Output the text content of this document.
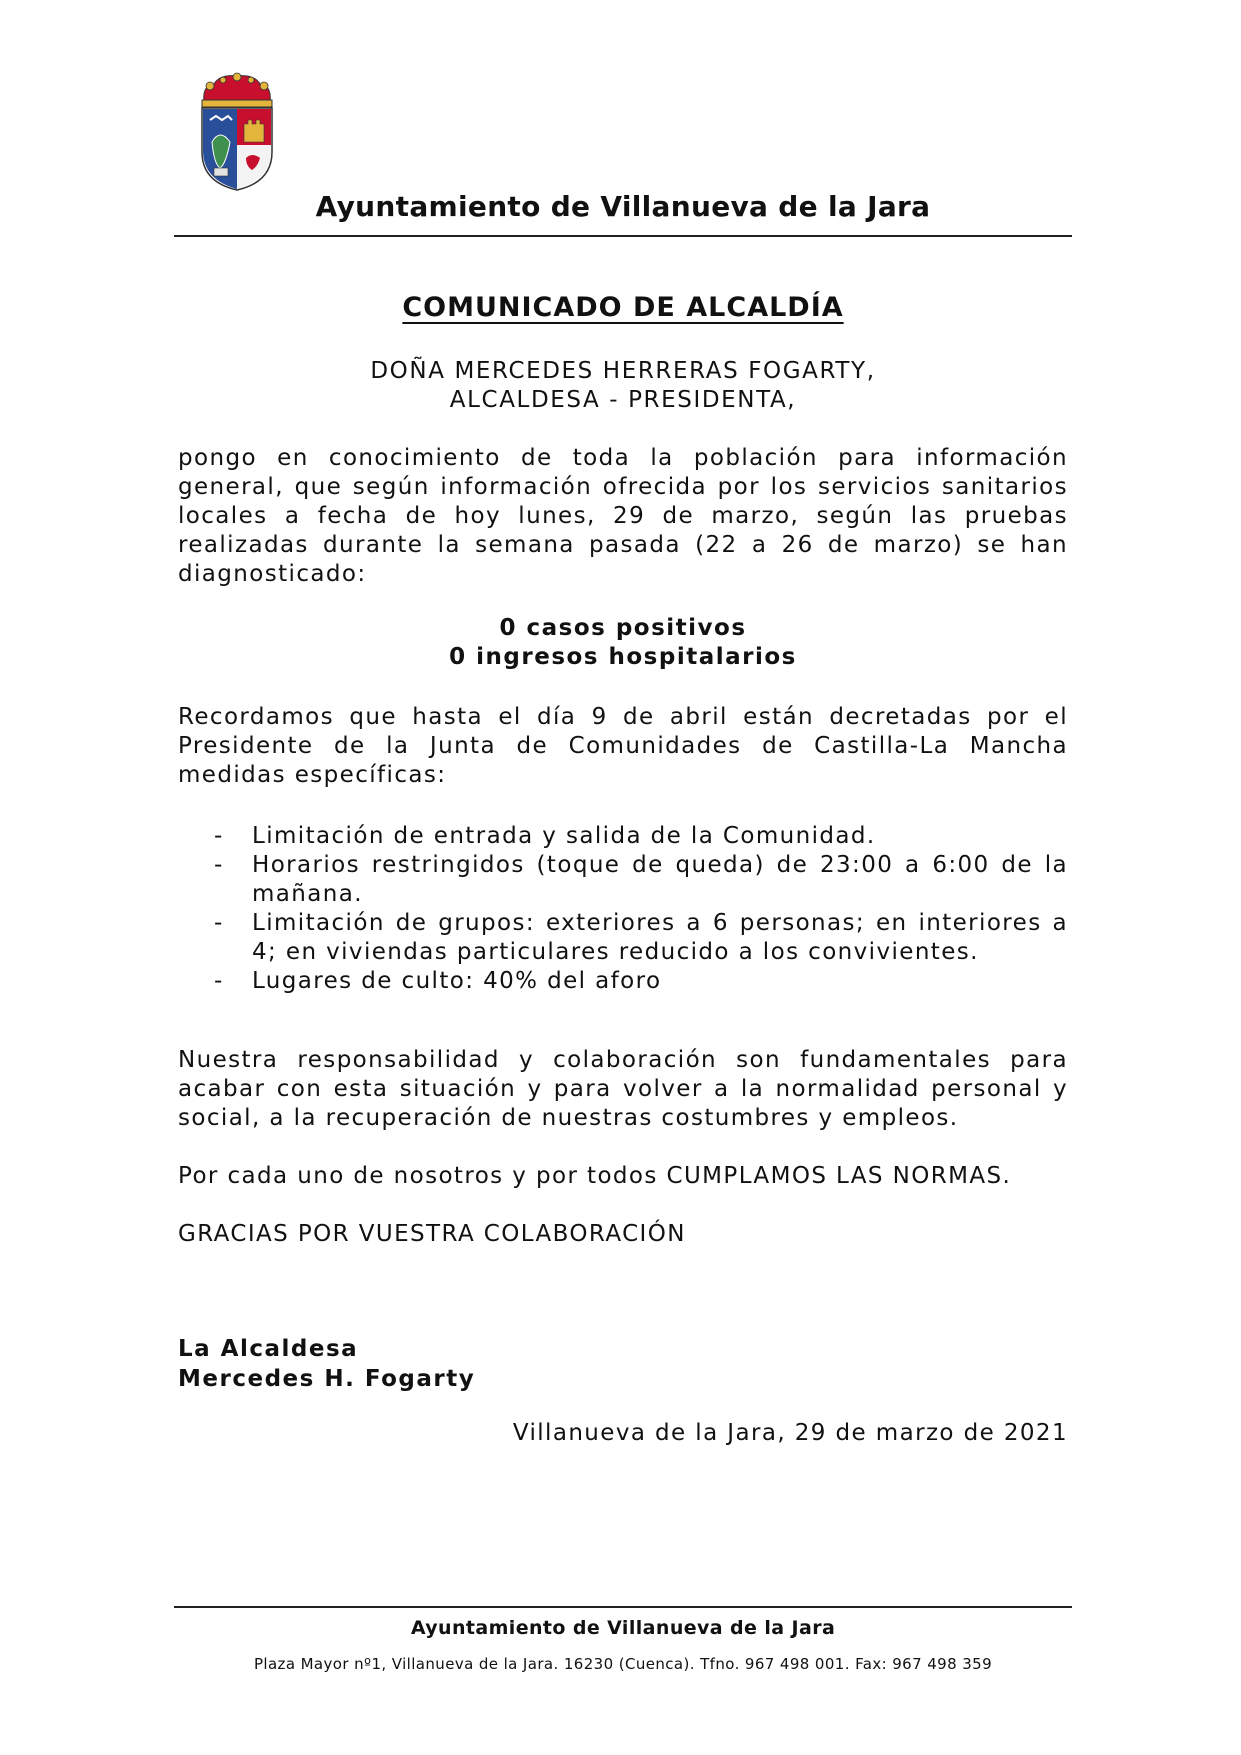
Ayuntamiento de Villanueva de la Jara
COMUNICADO DE ALCALDÍA
DOÑA MERCEDES HERRERAS FOGARTY,
ALCALDESA - PRESIDENTA,

pongo en conocimiento de toda la población para información general, que según información ofrecida por los servicios sanitarios locales a fecha de hoy lunes, 29 de marzo, según las pruebas realizadas durante la semana pasada (22 a 26 de marzo) se han diagnosticado:

0 casos positivos
0 ingresos hospitalarios

Recordamos que hasta el día 9 de abril están decretadas por el Presidente de la Junta de Comunidades de Castilla-La Mancha medidas específicas:

- Limitación de entrada y salida de la Comunidad.
- Horarios restringidos (toque de queda) de 23:00 a 6:00 de la mañana.
- Limitación de grupos: exteriores a 6 personas; en interiores a 4; en viviendas particulares reducido a los convivientes.
- Lugares de culto: 40% del aforo

Nuestra responsabilidad y colaboración son fundamentales para acabar con esta situación y para volver a la normalidad personal y social, a la recuperación de nuestras costumbres y empleos.

Por cada uno de nosotros y por todos CUMPLAMOS LAS NORMAS.

GRACIAS POR VUESTRA COLABORACIÓN

La Alcaldesa
Mercedes H. Fogarty
Villanueva de la Jara, 29 de marzo de 2021
Ayuntamiento de Villanueva de la Jara
Plaza Mayor nº1, Villanueva de la Jara. 16230 (Cuenca). Tfno. 967 498 001. Fax: 967 498 359
